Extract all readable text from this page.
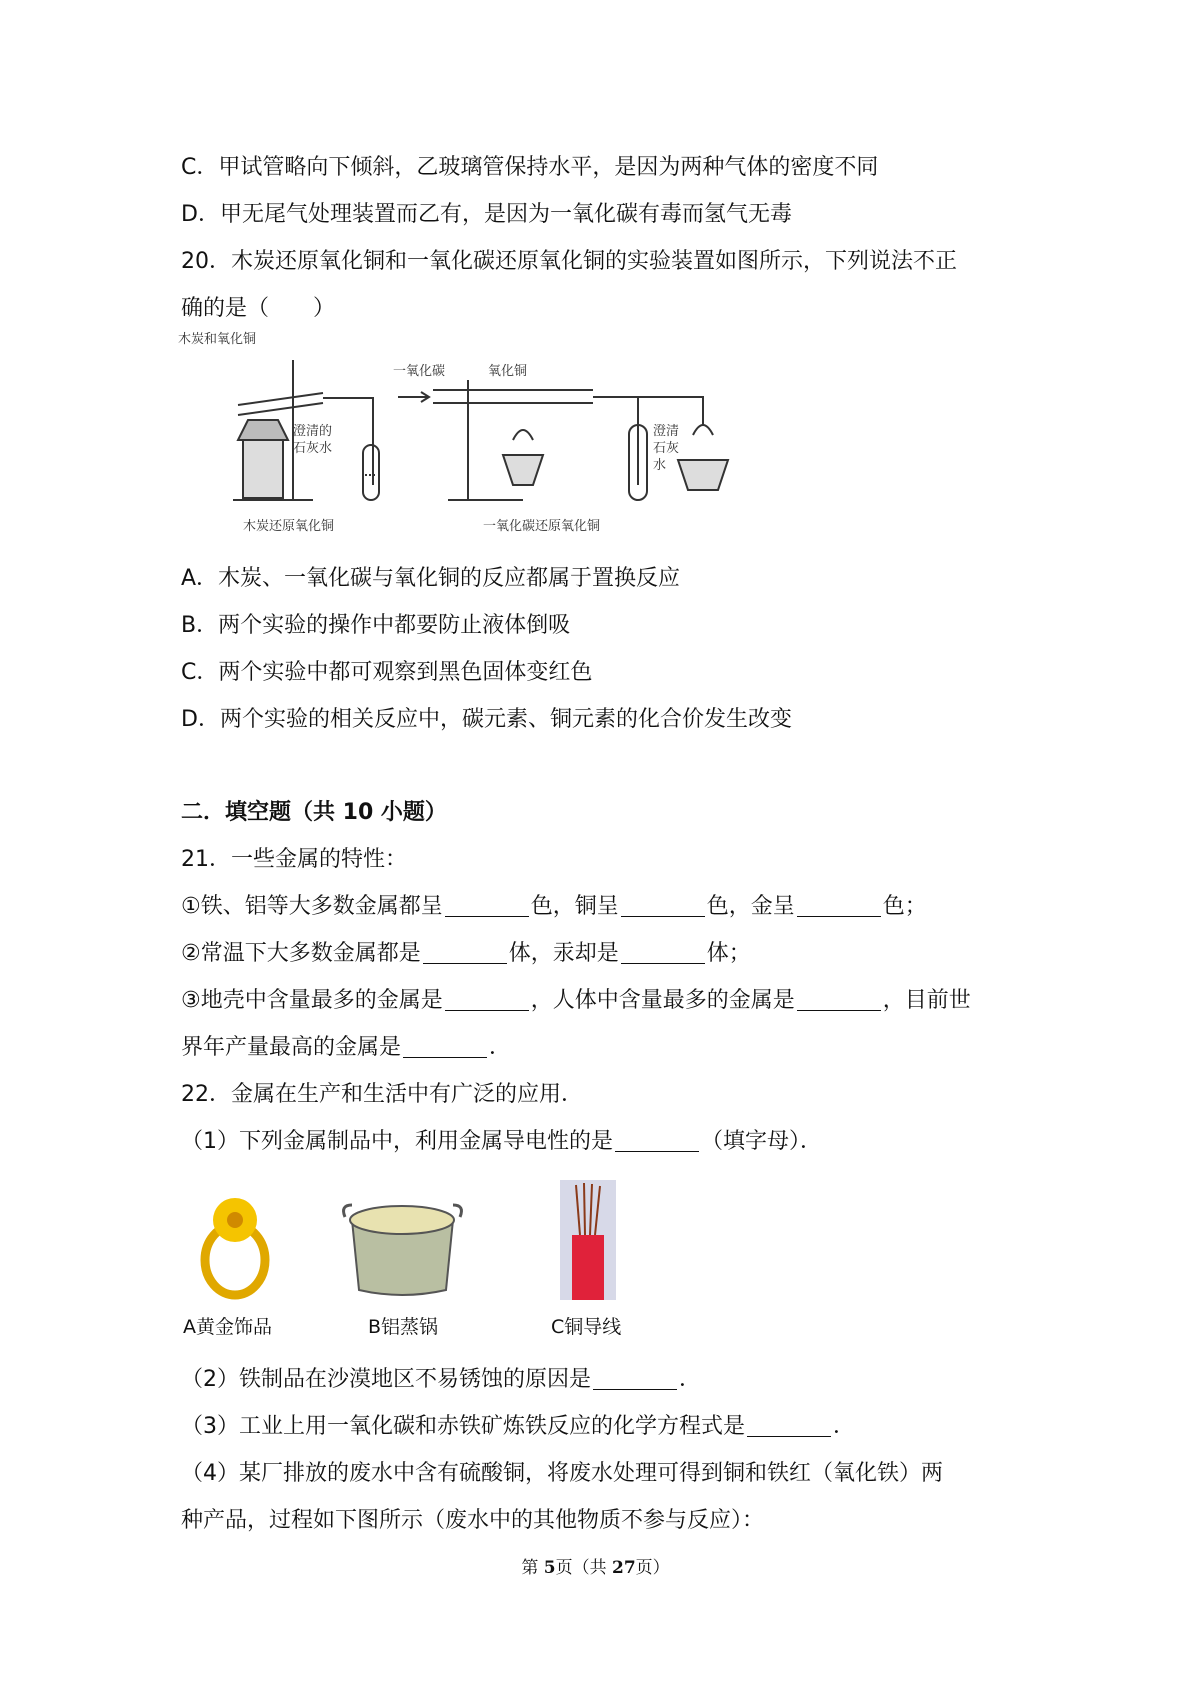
C．甲试管略向下倾斜，乙玻璃管保持水平，是因为两种气体的密度不同
D．甲无尾气处理装置而乙有，是因为一氧化碳有毒而氢气无毒
20．木炭还原氧化铜和一氧化碳还原氧化铜的实验装置如图所示，下列说法不正
确的是（　　）
木炭和氧化铜
澄清的
石灰水
木炭还原氧化铜
一氧化碳	氧化铜
澄清
石灰
水
一氧化碳还原氧化铜
A．木炭、一氧化碳与氧化铜的反应都属于置换反应
B．两个实验的操作中都要防止液体倒吸
C．两个实验中都可观察到黑色固体变红色
D．两个实验的相关反应中，碳元素、铜元素的化合价发生改变
二．填空题（共 10 小题）
21．一些金属的特性：
①铁、铝等大多数金属都呈	色，铜呈	色，金呈	色；
②常温下大多数金属都是	体，汞却是	体；
③地壳中含量最多的金属是	，人体中含量最多的金属是	，目前世
界年产量最高的金属是	．
22．金属在生产和生活中有广泛的应用．
（1）下列金属制品中，利用金属导电性的是	（填字母）．
A黄金饰品	B铝蒸锅	C铜导线
（2）铁制品在沙漠地区不易锈蚀的原因是	．
（3）工业上用一氧化碳和赤铁矿炼铁反应的化学方程式是	．
（4）某厂排放的废水中含有硫酸铜，将废水处理可得到铜和铁红（氧化铁）两
种产品，过程如下图所示（废水中的其他物质不参与反应）：
第 5页（共 27页）
